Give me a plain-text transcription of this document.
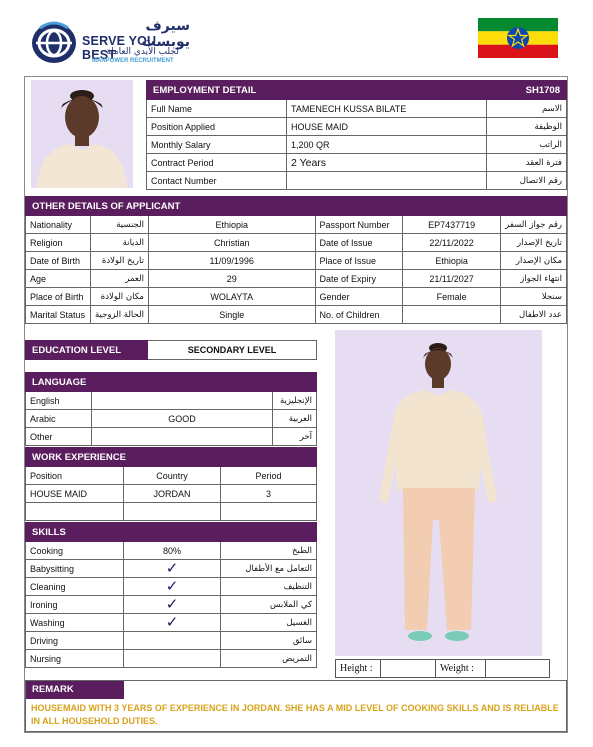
سيرف يوبست
SERVE YOU BEST
لجلب الأيدي العاملة
MANPOWER RECRUITMENT
EMPLOYMENT DETAIL		SH1708
Full Name	TAMENECH KUSSA BILATE	الاسم
Position Applied	HOUSE MAID	الوظيفة
Monthly Salary	1,200 QR	الراتب
Contract Period	2 Years	فترة العقد
Contact Number		رقم الاتصال
OTHER DETAILS OF APPLICANT					
Nationality	الجنسية	Ethiopia	Passport Number	EP7437719	رقم جواز السفر
Religion	الديانة	Christian	Date of Issue	22/11/2022	تاريخ الإصدار
Date of Birth	تاريخ الولادة	11/09/1996	Place of Issue	Ethiopia	مكان الإصدار
Age	العمر	29	Date of Expiry	21/11/2027	انتهاء الجواز
Place of Birth	مكان الولادة	WOLAYTA	Gender	Female	سنجلا
Marital Status	الحالة الزوجية	Single	No. of Children		عدد الاطفال
EDUCATION LEVEL	SECONDARY LEVEL
LANGUAGE		
English		الإنجليزية
Arabic	GOOD	العربية
Other		آخر
WORK EXPERIENCE		
Position	Country	Period
HOUSE MAID	JORDAN	3

SKILLS		
Cooking	80%	الطبخ
Babysitting	✓	التعامل مع الأطفال
Cleaning	✓	التنظيف
Ironing	✓	كي الملابس
Washing	✓	الغسيل
Driving		سائق
Nursing		التمريض
Height :	Weight :
REMARK
HOUSEMAID WITH 3 YEARS OF EXPERIENCE IN JORDAN. SHE HAS A MID LEVEL OF COOKING SKILLS AND IS RELIABLE IN ALL HOUSEHOLD DUTIES.
